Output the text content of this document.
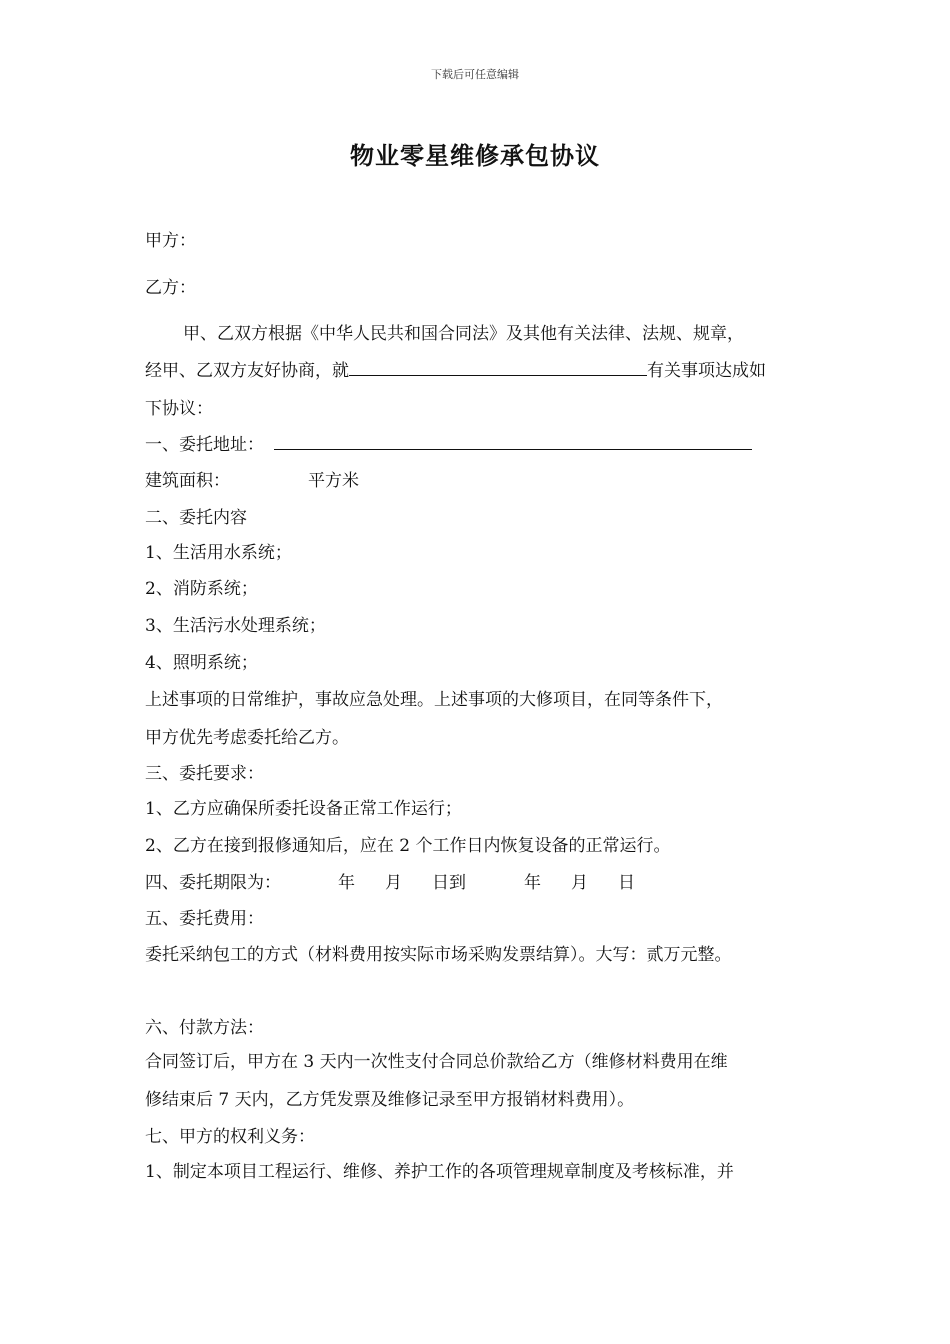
下载后可任意编辑
物业零星维修承包协议
甲方：
乙方：
甲、乙双方根据《中华人民共和国合同法》及其他有关法律、法规、规章，
经甲、乙双方友好协商，就	有关事项达成如
下协议：
一、委托地址：
建筑面积：	平方米
二、委托内容
1、生活用水系统；
2、消防系统；
3、生活污水处理系统；
4、照明系统；
上述事项的日常维护，事故应急处理。上述事项的大修项目，在同等条件下，
甲方优先考虑委托给乙方。
三、委托要求：
1、乙方应确保所委托设备正常工作运行；
2、乙方在接到报修通知后，应在 2 个工作日内恢复设备的正常运行。
四、委托期限为：	年 月 日到	年 月 日
五、委托费用：
委托采纳包工的方式（材料费用按实际市场采购发票结算）。大写：贰万元整。
六、付款方法：
合同签订后，甲方在 3 天内一次性支付合同总价款给乙方（维修材料费用在维
修结束后 7 天内，乙方凭发票及维修记录至甲方报销材料费用）。
七、甲方的权利义务：
1、制定本项目工程运行、维修、养护工作的各项管理规章制度及考核标准，并
